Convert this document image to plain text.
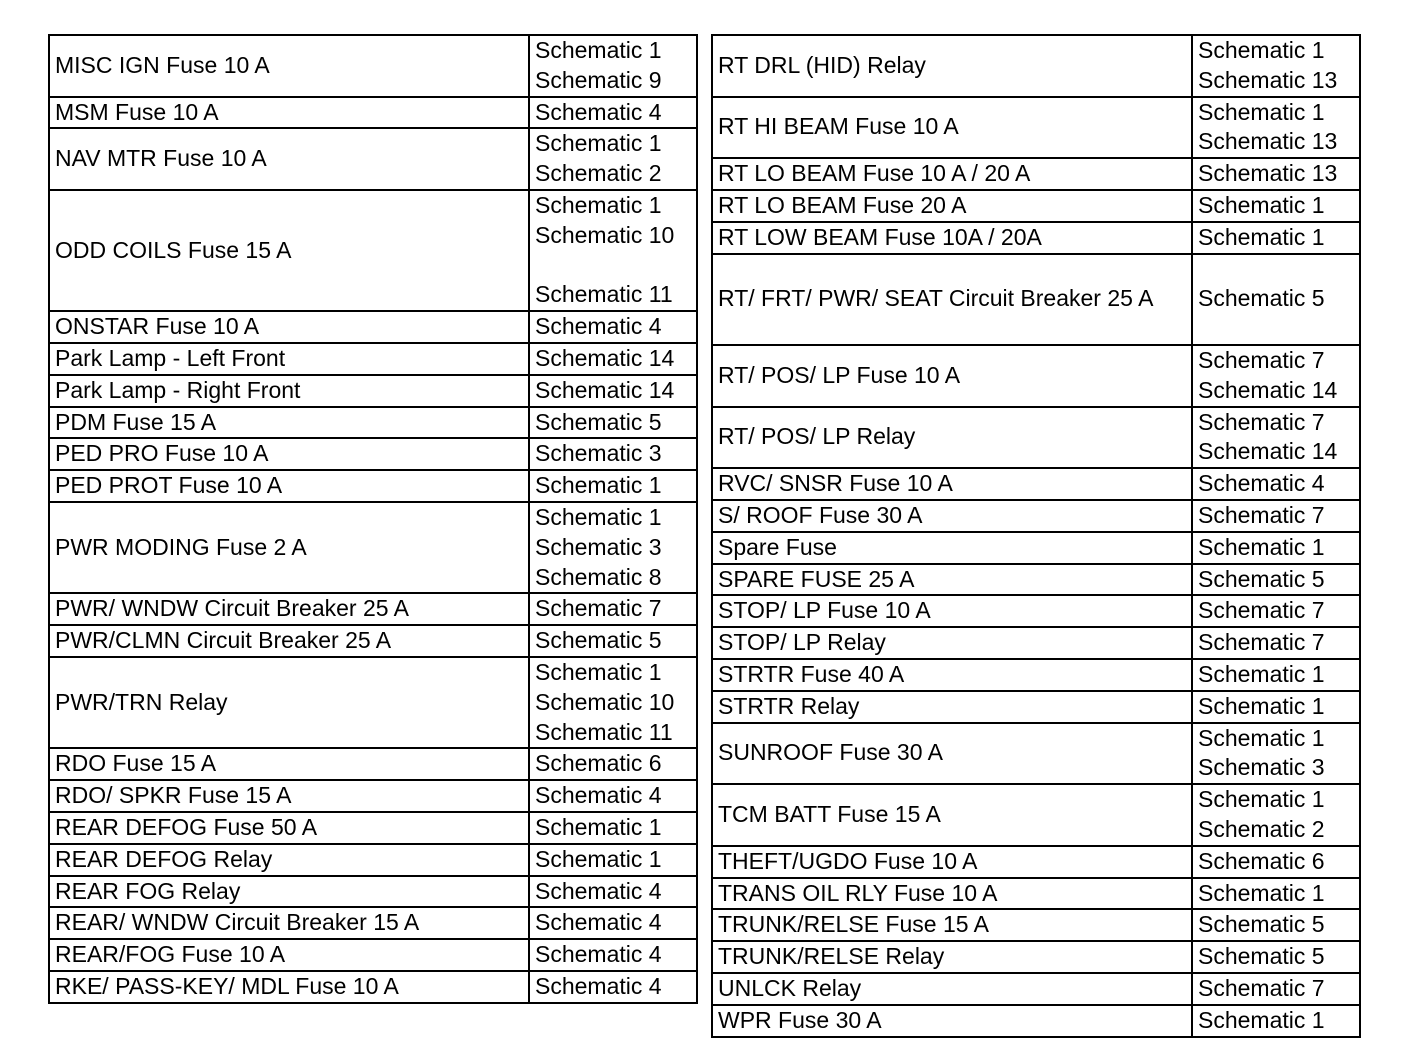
MISC IGN Fuse 10 A	Schematic 1
Schematic 9

MSM Fuse 10 A	Schematic 4

NAV MTR Fuse 10 A	Schematic 1
Schematic 2

ODD COILS Fuse 15 A	Schematic 1
Schematic 10
Schematic 11

ONSTAR Fuse 10 A	Schematic 4

Park Lamp - Left Front	Schematic 14

Park Lamp - Right Front	Schematic 14

PDM Fuse 15 A	Schematic 5

PED PRO Fuse 10 A	Schematic 3

PED PROT Fuse 10 A	Schematic 1

PWR MODING Fuse 2 A	Schematic 1
Schematic 3
Schematic 8

PWR/ WNDW Circuit Breaker 25 A	Schematic 7

PWR/CLMN Circuit Breaker 25 A	Schematic 5

PWR/TRN Relay	Schematic 1
Schematic 10
Schematic 11

RDO Fuse 15 A	Schematic 6

RDO/ SPKR Fuse 15 A	Schematic 4

REAR DEFOG Fuse 50 A	Schematic 1

REAR DEFOG Relay	Schematic 1

REAR FOG Relay	Schematic 4

REAR/ WNDW Circuit Breaker 15 A	Schematic 4

REAR/FOG Fuse 10 A	Schematic 4

RKE/ PASS-KEY/ MDL Fuse 10 A	Schematic 4
RT DRL (HID) Relay	Schematic 1
Schematic 13

RT HI BEAM Fuse 10 A	Schematic 1
Schematic 13

RT LO BEAM Fuse 10 A / 20 A	Schematic 13

RT LO BEAM Fuse 20 A	Schematic 1

RT LOW BEAM Fuse 10A / 20A	Schematic 1

RT/ FRT/ PWR/ SEAT Circuit Breaker 25 A	Schematic 5

RT/ POS/ LP Fuse 10 A	Schematic 7
Schematic 14

RT/ POS/ LP Relay	Schematic 7
Schematic 14

RVC/ SNSR Fuse 10 A	Schematic 4

S/ ROOF Fuse 30 A	Schematic 7

Spare Fuse	Schematic 1

SPARE FUSE 25 A	Schematic 5

STOP/ LP Fuse 10 A	Schematic 7

STOP/ LP Relay	Schematic 7

STRTR Fuse 40 A	Schematic 1

STRTR Relay	Schematic 1

SUNROOF Fuse 30 A	Schematic 1
Schematic 3

TCM BATT Fuse 15 A	Schematic 1
Schematic 2

THEFT/UGDO Fuse 10 A	Schematic 6

TRANS OIL RLY Fuse 10 A	Schematic 1

TRUNK/RELSE Fuse 15 A	Schematic 5

TRUNK/RELSE Relay	Schematic 5

UNLCK Relay	Schematic 7

WPR Fuse 30 A	Schematic 1
